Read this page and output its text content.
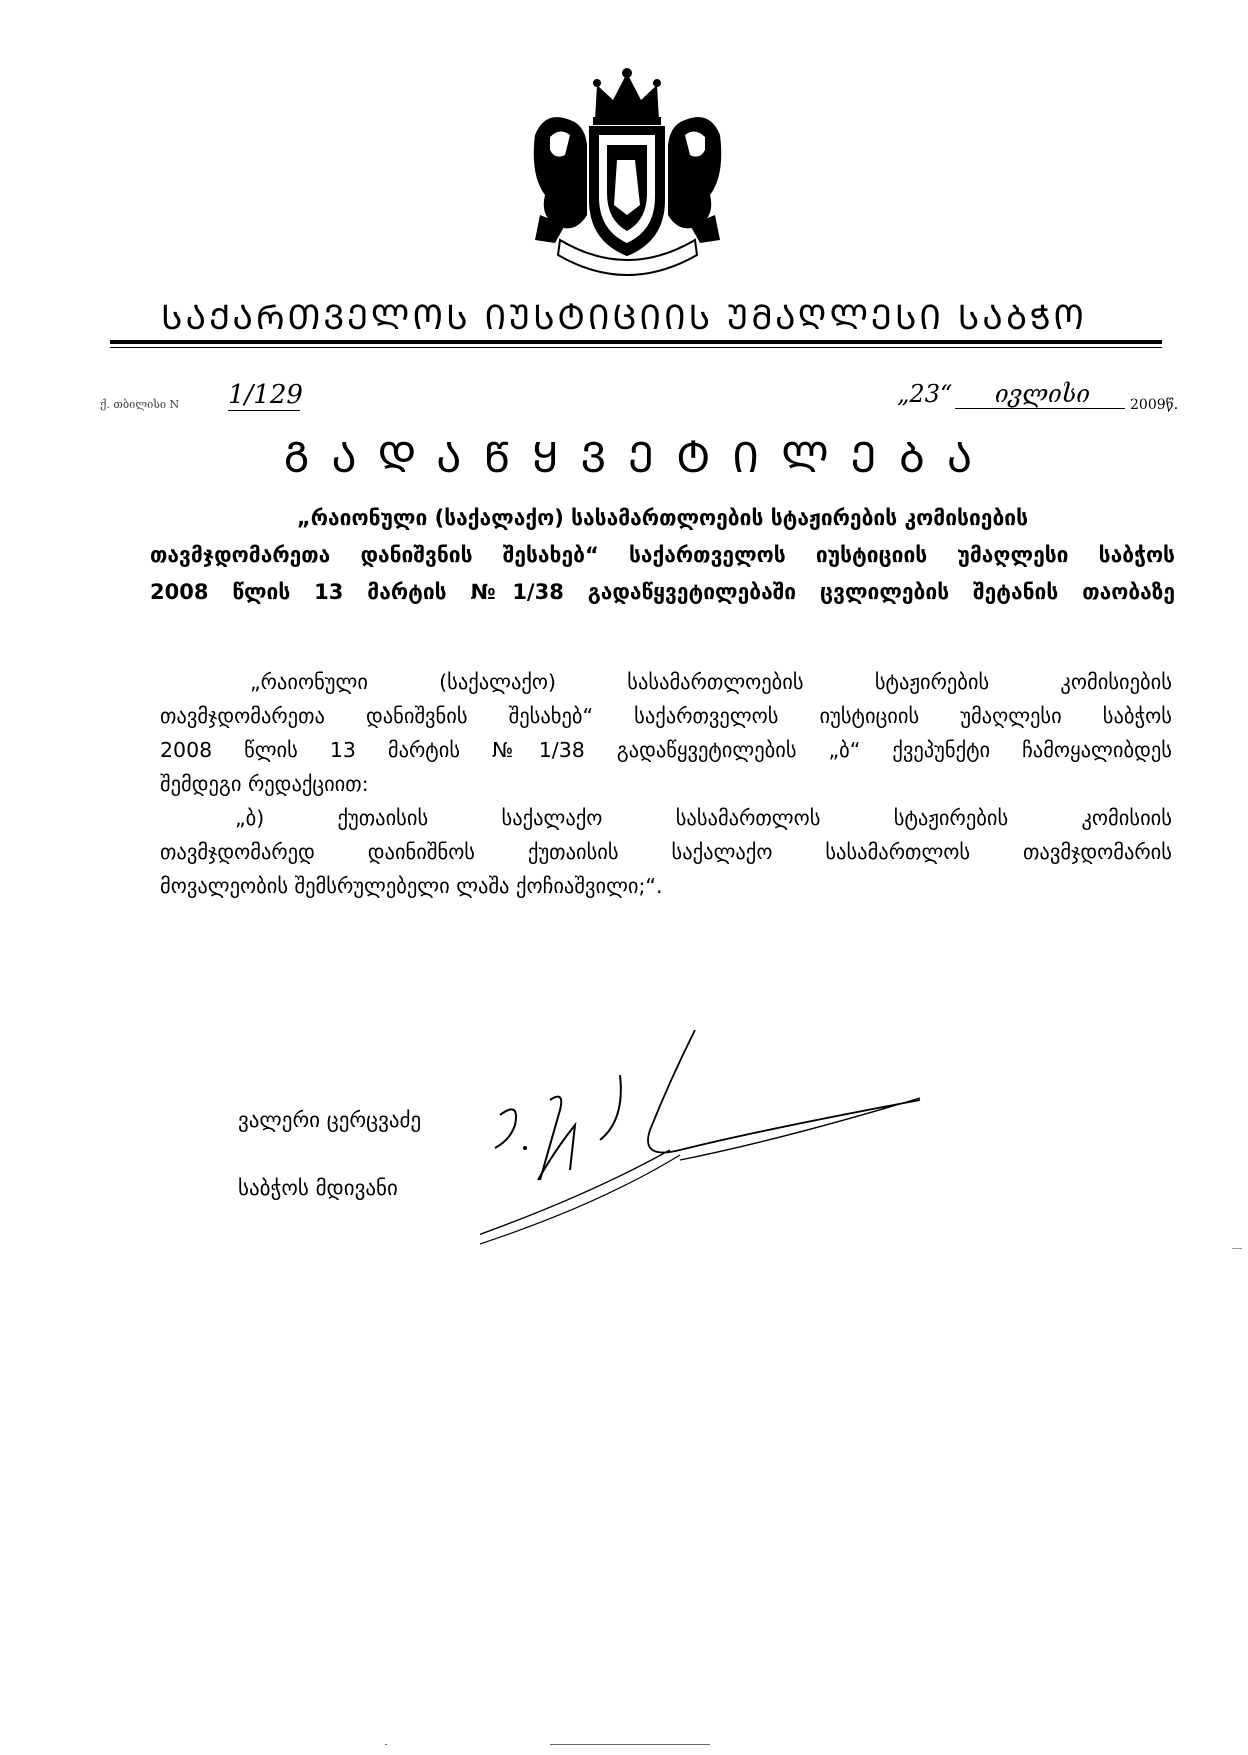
ᲡᲐᲥᲐᲠᲗᲕᲔᲚᲝᲡ ᲘᲣᲡᲢᲘᲪᲘᲘᲡ ᲣᲛᲐᲦᲚᲔᲡᲘ ᲡᲐᲑᲭᲝ
ქ. თბილისი N 1/129	„23“	ივლისი	2009წ.
ᲒᲐᲓᲐᲬᲧᲕᲔᲢᲘᲚᲔᲑᲐ
„რაიონული (საქალაქო) სასამართლოების სტაჟირების კომისიების
თავმჯდომარეთა დანიშვნის შესახებ“ საქართველოს იუსტიციის უმაღლესი საბჭოს
2008 წლის 13 მარტის №1/38 გადაწყვეტილებაში ცვლილების შეტანის თაობაზე
„რაიონული (საქალაქო) სასამართლოების სტაჟირების კომისიების
თავმჯდომარეთა დანიშვნის შესახებ“ საქართველოს იუსტიციის უმაღლესი საბჭოს
2008 წლის 13 მარტის №1/38 გადაწყვეტილების „ბ“ ქვეპუნქტი ჩამოყალიბდეს
შემდეგი რედაქციით:
„ბ) ქუთაისის საქალაქო სასამართლოს სტაჟირების კომისიის
თავმჯდომარედ დაინიშნოს ქუთაისის საქალაქო სასამართლოს თავმჯდომარის
მოვალეობის შემსრულებელი ლაშა ქოჩიაშვილი;“.
ვალერი ცერცვაძე
საბჭოს მდივანი
